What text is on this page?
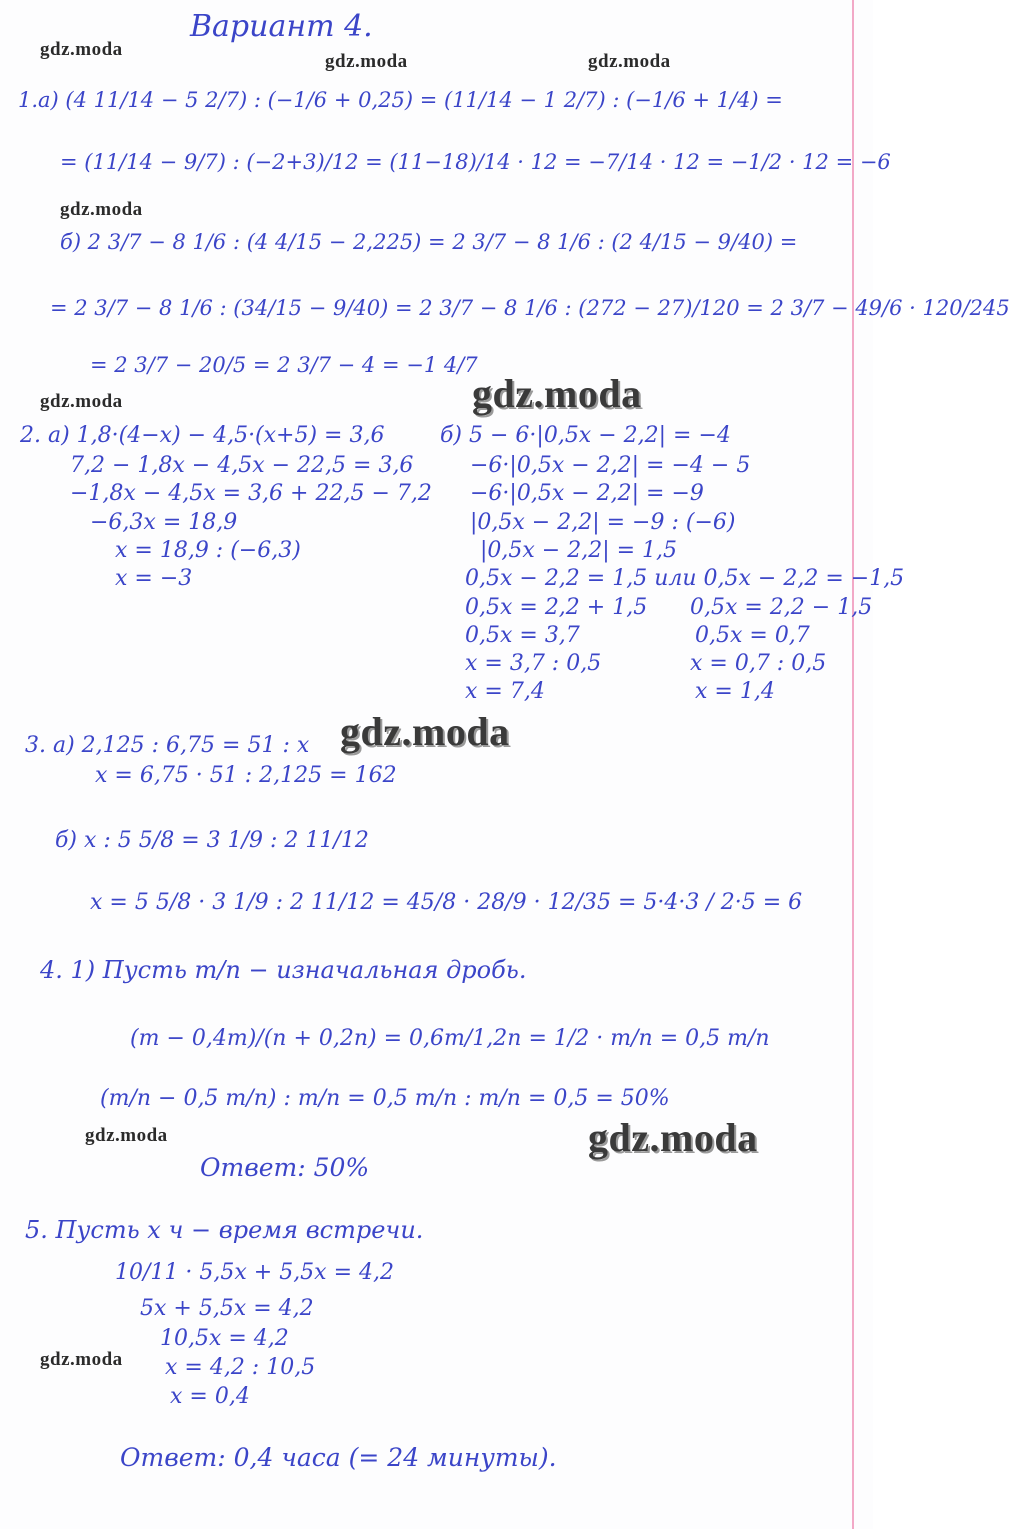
gdz.moda
gdz.moda	gdz.moda
gdz.moda
gdz.moda	gdz.moda
gdz.moda
gdz.moda	gdz.moda
gdz.moda
Вариант 4.
1.а) (4 11/14 − 5 2/7) : (−1/6 + 0,25) = (11/14 − 1 2/7) : (−1/6 + 1/4) =
= (11/14 − 9/7) : (−2+3)/12 = (11−18)/14 · 12 = −7/14 · 12 = −1/2 · 12 = −6
б) 2 3/7 − 8 1/6 : (4 4/15 − 2,225) = 2 3/7 − 8 1/6 : (2 4/15 − 9/40) =
= 2 3/7 − 8 1/6 : (34/15 − 9/40) = 2 3/7 − 8 1/6 : (272 − 27)/120 = 2 3/7 − 49/6 · 120/245
= 2 3/7 − 20/5 = 2 3/7 − 4 = −1 4/7
2. а) 1,8·(4−x) − 4,5·(x+5) = 3,6
7,2 − 1,8x − 4,5x − 22,5 = 3,6
−1,8x − 4,5x = 3,6 + 22,5 − 7,2
−6,3x = 18,9
x = 18,9 : (−6,3)
x = −3
б) 5 − 6·|0,5x − 2,2| = −4
−6·|0,5x − 2,2| = −4 − 5
−6·|0,5x − 2,2| = −9
|0,5x − 2,2| = −9 : (−6)
|0,5x − 2,2| = 1,5
0,5x − 2,2 = 1,5 или 0,5x − 2,2 = −1,5
0,5x = 2,2 + 1,5
0,5x = 3,7
x = 3,7 : 0,5
x = 7,4
0,5x = 2,2 − 1,5
0,5x = 0,7
x = 0,7 : 0,5
x = 1,4
3. а) 2,125 : 6,75 = 51 : x
x = 6,75 · 51 : 2,125 = 162
б) x : 5 5/8 = 3 1/9 : 2 11/12
x = 5 5/8 · 3 1/9 : 2 11/12 = 45/8 · 28/9 · 12/35 = 5·4·3 / 2·5 = 6
4. 1) Пусть m/n − изначальная дробь.
(m − 0,4m)/(n + 0,2n) = 0,6m/1,2n = 1/2 · m/n = 0,5 m/n
(m/n − 0,5 m/n) : m/n = 0,5 m/n : m/n = 0,5 = 50%
Ответ: 50%
5. Пусть x ч − время встречи.
10/11 · 5,5x + 5,5x = 4,2
5x + 5,5x = 4,2
10,5x = 4,2
x = 4,2 : 10,5
x = 0,4
Ответ: 0,4 часа (= 24 минуты).
